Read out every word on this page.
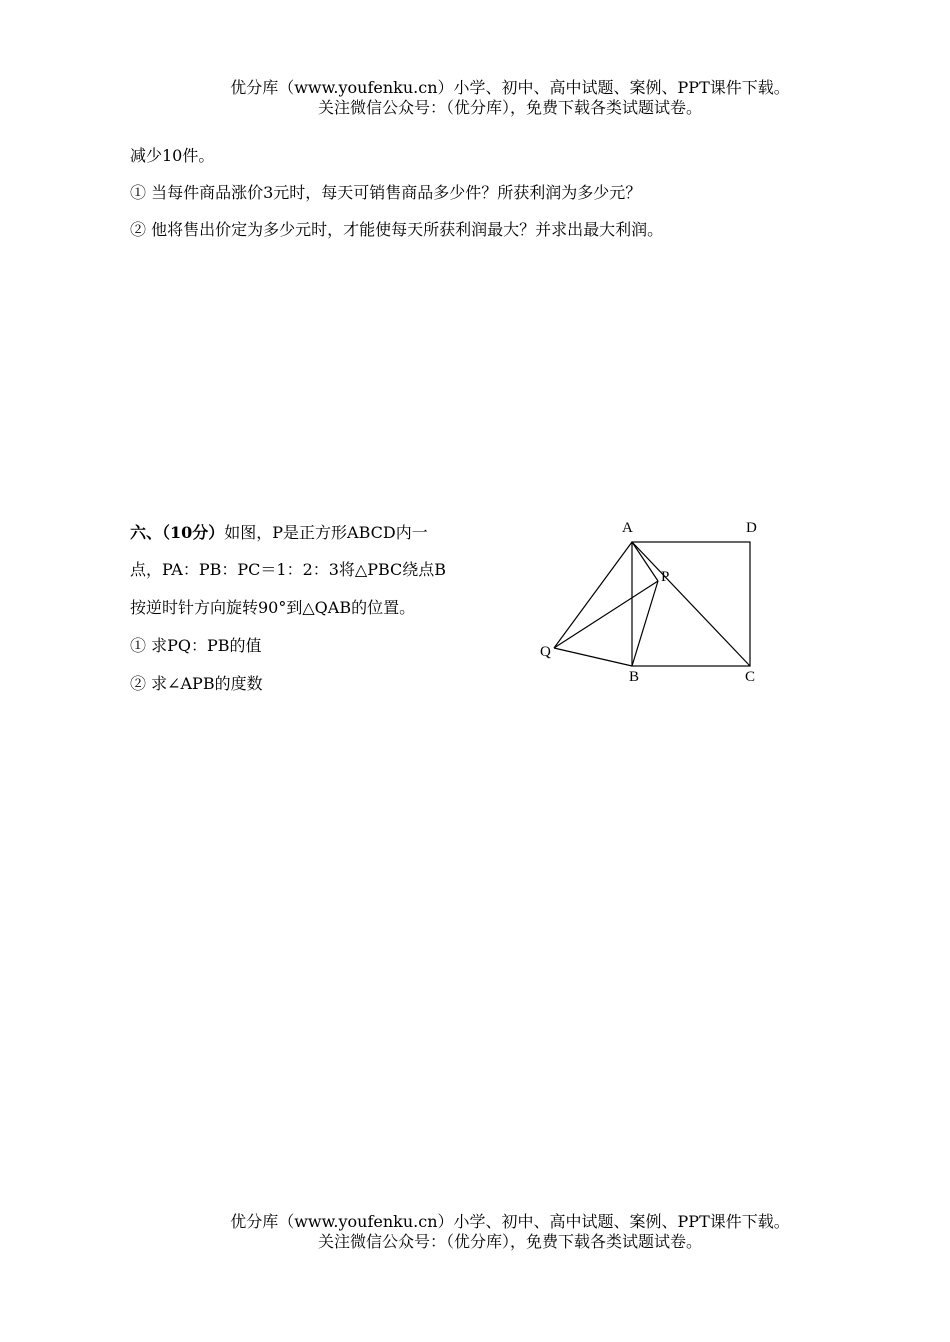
优分库（www.youfenku.cn）小学、初中、高中试题、案例、PPT课件下载。
关注微信公众号：（优分库），免费下载各类试题试卷。
减少10件。
① 当每件商品涨价3元时，每天可销售商品多少件？所获利润为多少元？
② 他将售出价定为多少元时，才能使每天所获利润最大？并求出最大利润。
六、（10分）如图，P是正方形ABCD内一
点，PA：PB：PC＝1：2：3将△PBC绕点B
按逆时针方向旋转90°到△QAB的位置。
① 求PQ：PB的值
② 求∠APB的度数
A	D
P
Q
B	C
优分库（www.youfenku.cn）小学、初中、高中试题、案例、PPT课件下载。
关注微信公众号：（优分库），免费下载各类试题试卷。
